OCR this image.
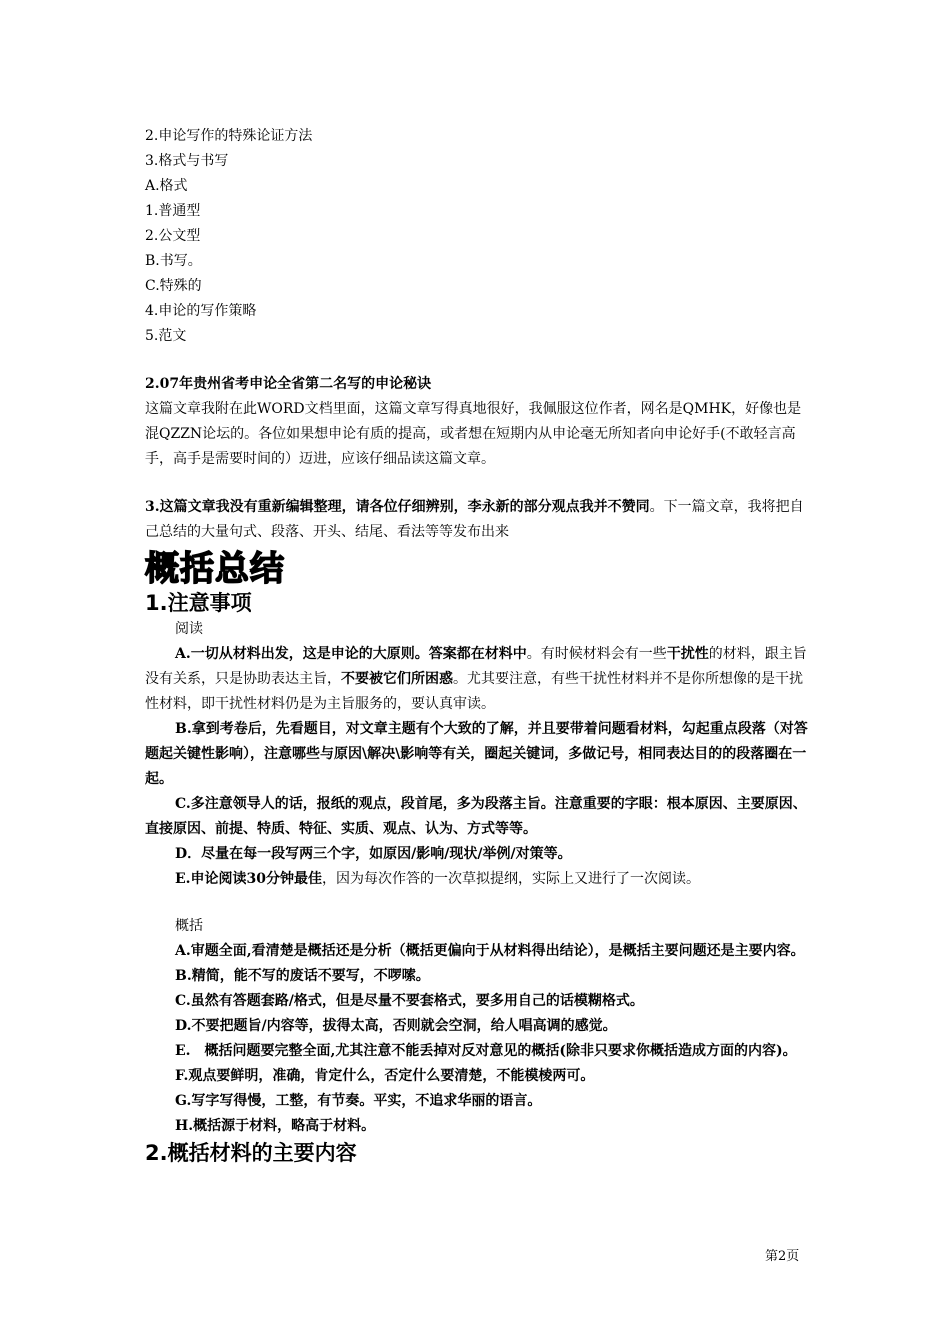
2.申论写作的特殊论证方法
3.格式与书写
A.格式
1.普通型
2.公文型
B.书写。
C.特殊的
4.申论的写作策略
5.范文
2.07年贵州省考申论全省第二名写的申论秘诀
这篇文章我附在此WORD文档里面，这篇文章写得真地很好，我佩服这位作者，网名是QMHK，好像也是混QZZN论坛的。各位如果想申论有质的提高，或者想在短期内从申论毫无所知者向申论好手(不敢轻言高手，高手是需要时间的）迈进，应该仔细品读这篇文章。
3.这篇文章我没有重新编辑整理，请各位仔细辨别，李永新的部分观点我并不赞同。下一篇文章，我将把自己总结的大量句式、段落、开头、结尾、看法等等发布出来
概括总结
1.注意事项
阅读
A.一切从材料出发，这是申论的大原则。答案都在材料中。有时候材料会有一些干扰性的材料，跟主旨没有关系，只是协助表达主旨，不要被它们所困惑。尤其要注意，有些干扰性材料并不是你所想像的是干扰性材料，即干扰性材料仍是为主旨服务的，要认真审读。
B.拿到考卷后，先看题目，对文章主题有个大致的了解，并且要带着问题看材料，勾起重点段落（对答题起关键性影响），注意哪些与原因\解决\影响等有关，圈起关键词，多做记号，相同表达目的的段落圈在一起。
C.多注意领导人的话，报纸的观点，段首尾，多为段落主旨。注意重要的字眼：根本原因、主要原因、直接原因、前提、特质、特征、实质、观点、认为、方式等等。
D．尽量在每一段写两三个字，如原因/影响/现状/举例/对策等。
E.申论阅读30分钟最佳，因为每次作答的一次草拟提纲，实际上又进行了一次阅读。
概括
A.审题全面,看清楚是概括还是分析（概括更偏向于从材料得出结论），是概括主要问题还是主要内容。
B.精简，能不写的废话不要写，不啰嗦。
C.虽然有答题套路/格式，但是尽量不要套格式，要多用自己的话模糊格式。
D.不要把题旨/内容等，拔得太高，否则就会空洞，给人唱高调的感觉。
E.　概括问题要完整全面,尤其注意不能丢掉对反对意见的概括(除非只要求你概括造成方面的内容)。
F.观点要鲜明，准确，肯定什么，否定什么要清楚，不能模棱两可。
G.写字写得慢，工整，有节奏。平实，不追求华丽的语言。
H.概括源于材料，略高于材料。
2.概括材料的主要内容
第2页
